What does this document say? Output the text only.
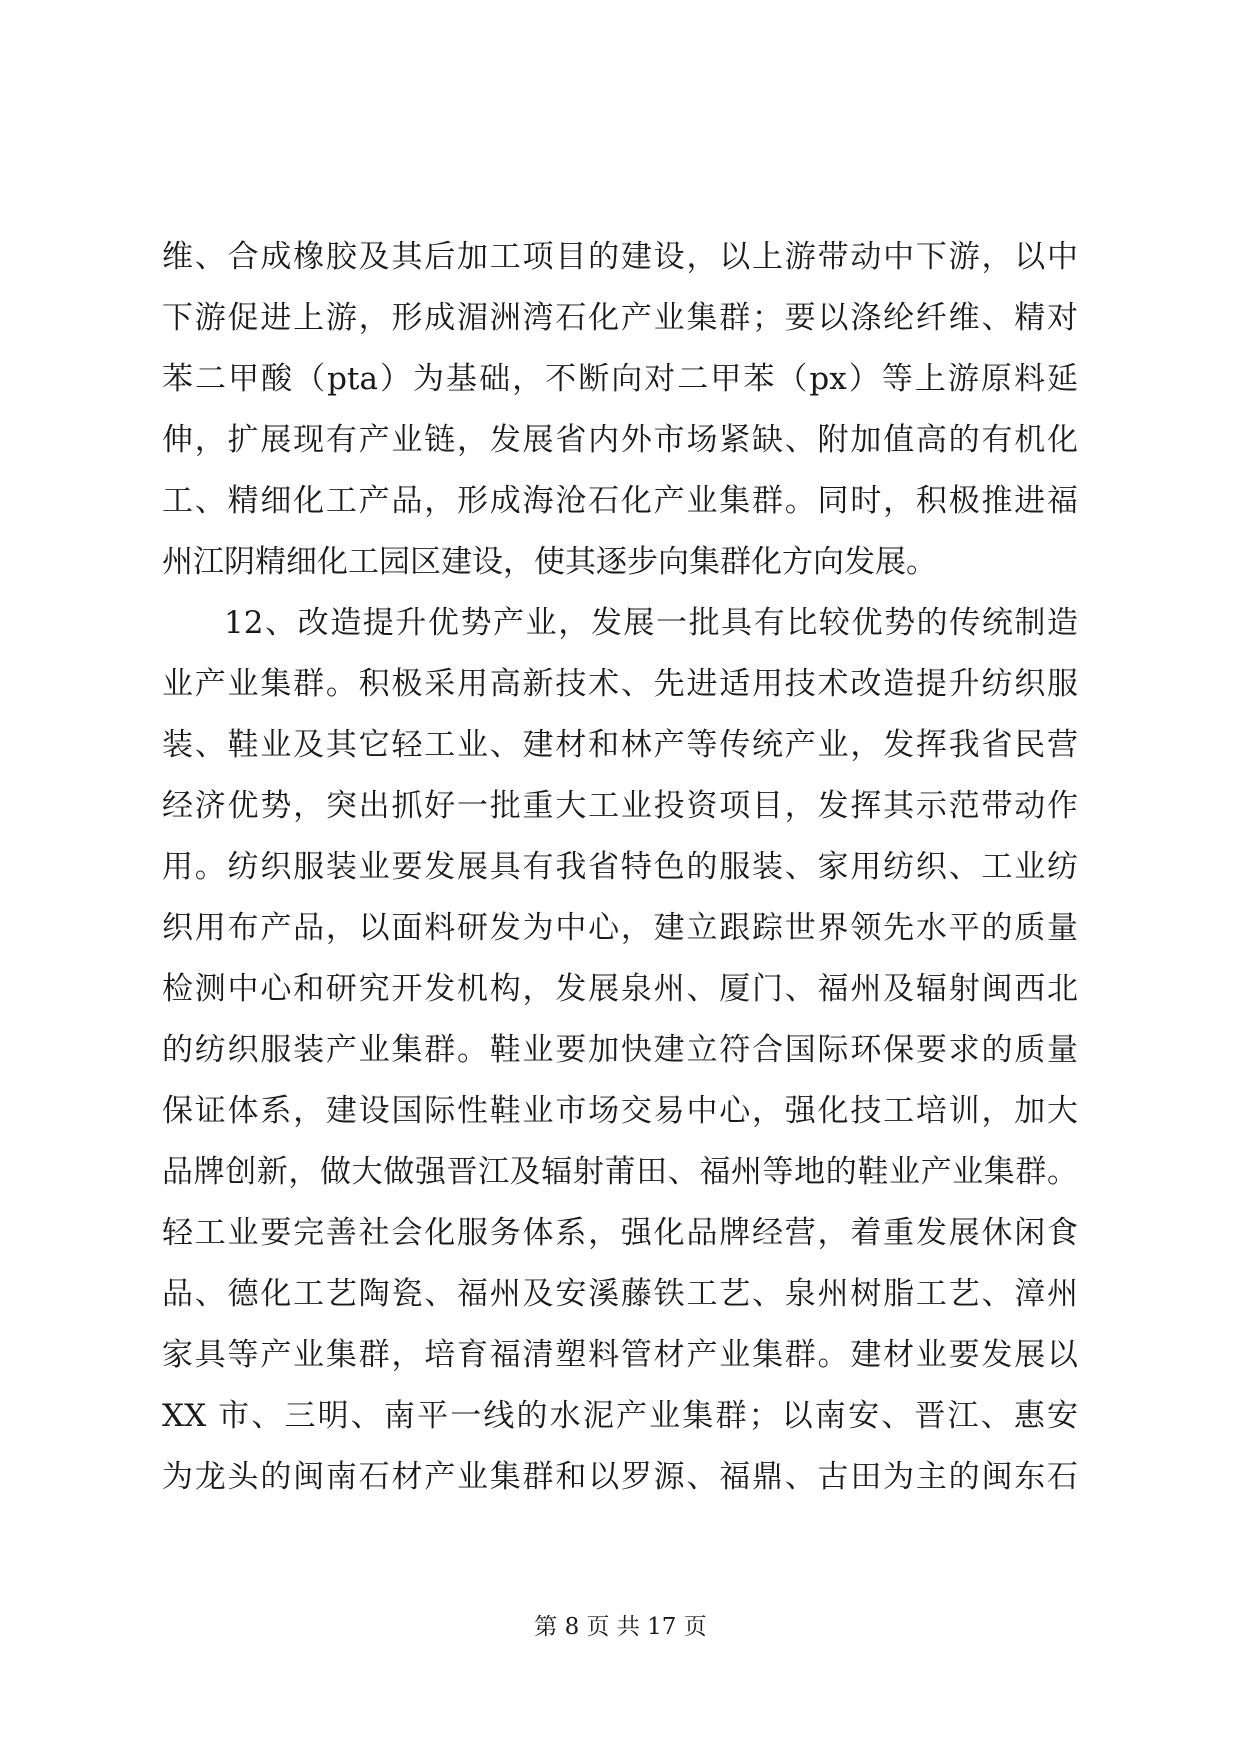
维、合成橡胶及其后加工项目的建设，以上游带动中下游，以中
下游促进上游，形成湄洲湾石化产业集群；要以涤纶纤维、精对
苯二甲酸（pta）为基础，不断向对二甲苯（px）等上游原料延
伸，扩展现有产业链，发展省内外市场紧缺、附加值高的有机化
工、精细化工产品，形成海沧石化产业集群。同时，积极推进福
州江阴精细化工园区建设，使其逐步向集群化方向发展。
12、改造提升优势产业，发展一批具有比较优势的传统制造
业产业集群。积极采用高新技术、先进适用技术改造提升纺织服
装、鞋业及其它轻工业、建材和林产等传统产业，发挥我省民营
经济优势，突出抓好一批重大工业投资项目，发挥其示范带动作
用。纺织服装业要发展具有我省特色的服装、家用纺织、工业纺
织用布产品，以面料研发为中心，建立跟踪世界领先水平的质量
检测中心和研究开发机构，发展泉州、厦门、福州及辐射闽西北
的纺织服装产业集群。鞋业要加快建立符合国际环保要求的质量
保证体系，建设国际性鞋业市场交易中心，强化技工培训，加大
品牌创新，做大做强晋江及辐射莆田、福州等地的鞋业产业集群。
轻工业要完善社会化服务体系，强化品牌经营，着重发展休闲食
品、德化工艺陶瓷、福州及安溪藤铁工艺、泉州树脂工艺、漳州
家具等产业集群，培育福清塑料管材产业集群。建材业要发展以
XX 市、三明、南平一线的水泥产业集群；以南安、晋江、惠安
为龙头的闽南石材产业集群和以罗源、福鼎、古田为主的闽东石
第 8 页 共 17 页
